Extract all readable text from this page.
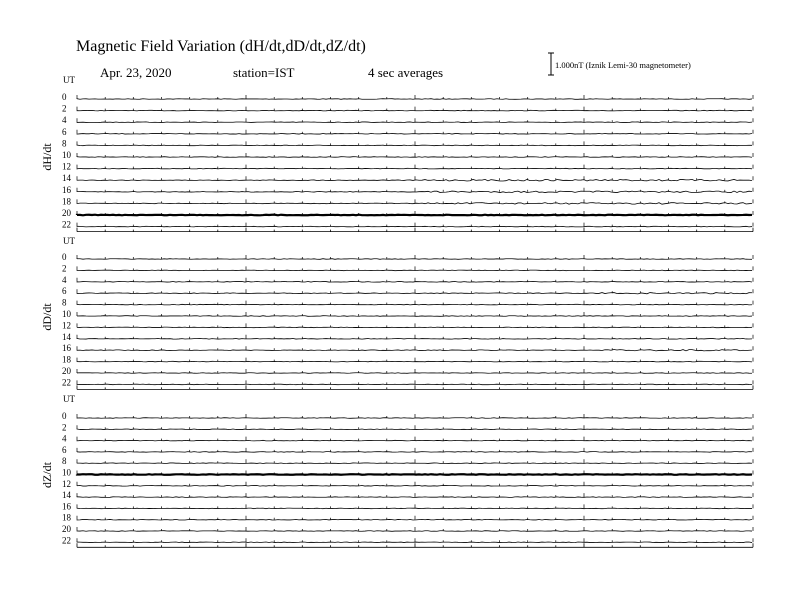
Magnetic Field Variation (dH/dt,dD/dt,dZ/dt)
Apr. 23, 2020	station=IST	4 sec averages	1.000nT (Iznik Lemi-30 magnetometer)
UT
dH/dt
0
2
4
6
8
10
12
14
16
18
20
22
UT
dD/dt
0
2
4
6
8
10
12
14
16
18
20
22
UT
dZ/dt
0
2
4
6
8
10
12
14
16
18
20
22
